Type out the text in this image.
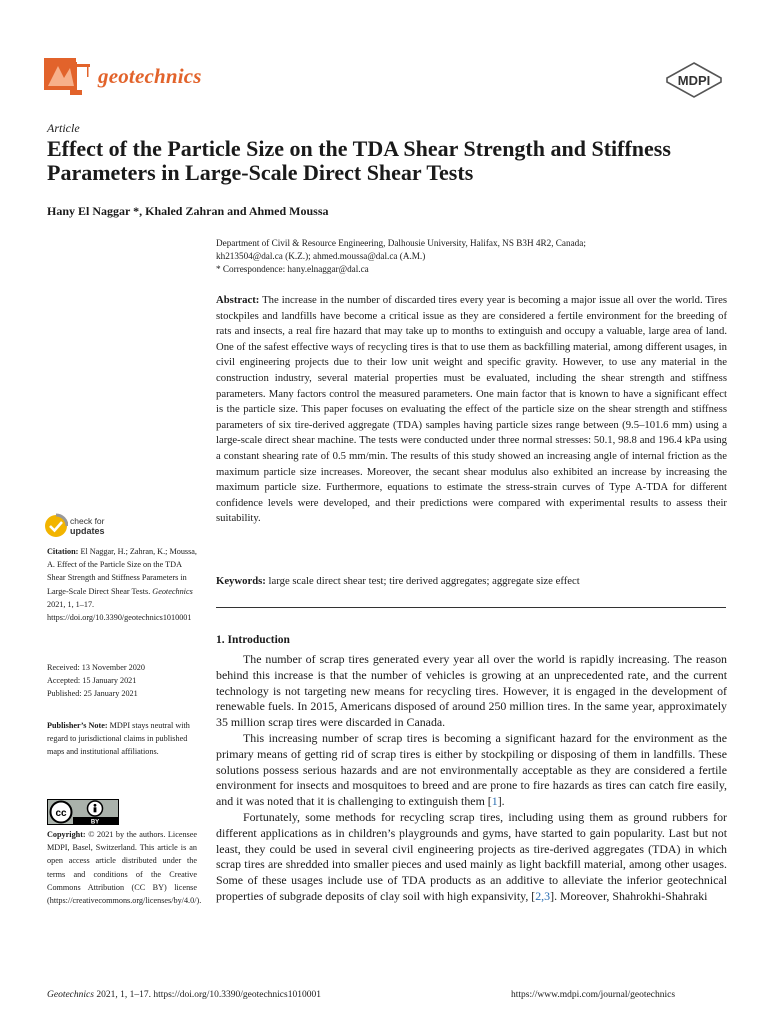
geotechnics	MDPI
Article
Effect of the Particle Size on the TDA Shear Strength and Stiffness Parameters in Large-Scale Direct Shear Tests
Hany El Naggar *, Khaled Zahran and Ahmed Moussa
Department of Civil & Resource Engineering, Dalhousie University, Halifax, NS B3H 4R2, Canada;
kh213504@dal.ca (K.Z.); ahmed.moussa@dal.ca (A.M.)
* Correspondence: hany.elnaggar@dal.ca
Abstract: The increase in the number of discarded tires every year is becoming a major issue all over the world. Tires stockpiles and landfills have become a critical issue as they are considered a fertile environment for the breeding of rats and insects, a real fire hazard that may take up to months to extinguish and occupy a valuable, large area of land. One of the safest effective ways of recycling tires is that to use them as backfilling material, among different usages, in civil engineering projects due to their low unit weight and specific gravity. However, to use any material in the construction industry, several material properties must be evaluated, including the shear strength and stiffness parameters. Many factors control the measured parameters. One main factor that is known to have a significant effect is the particle size. This paper focuses on evaluating the effect of the particle size on the shear strength and stiffness parameters of six tire-derived aggregate (TDA) samples having particle sizes range between (9.5–101.6 mm) using a large-scale direct shear machine. The tests were conducted under three normal stresses: 50.1, 98.8 and 196.4 kPa using a constant shearing rate of 0.5 mm/min. The results of this study showed an increasing angle of internal friction as the maximum particle size increases. Moreover, the secant shear modulus also exhibited an increase by increasing the maximum particle size. Furthermore, equations to estimate the stress-strain curves of Type A-TDA for different confidence levels were developed, and their predictions were compared with experimental results to assess their suitability.
Keywords: large scale direct shear test; tire derived aggregates; aggregate size effect
check for
updates
Citation: El Naggar, H.; Zahran, K.; Moussa, A. Effect of the Particle Size on the TDA Shear Strength and Stiffness Parameters in Large-Scale Direct Shear Tests. Geotechnics 2021, 1, 1–17. https://doi.org/10.3390/geotechnics1010001
Received: 13 November 2020
Accepted: 15 January 2021
Published: 25 January 2021
Publisher’s Note: MDPI stays neutral with regard to jurisdictional claims in published maps and institutional affiliations.
cc
BY
Copyright: © 2021 by the authors. Licensee MDPI, Basel, Switzerland. This article is an open access article distributed under the terms and conditions of the Creative Commons Attribution (CC BY) license (https://creativecommons.org/licenses/by/4.0/).
1. Introduction

The number of scrap tires generated every year all over the world is rapidly increasing. The reason behind this increase is that the number of vehicles is growing at an unprecedented rate, and the current technology is not targeting new means for recycling tires. However, it is engaged in the development of renewable fuels. In 2015, Americans disposed of around 250 million tires. In the same year, approximately 35 million scrap tires were discarded in Canada.

This increasing number of scrap tires is becoming a significant hazard for the environment as the primary means of getting rid of scrap tires is either by stockpiling or disposing of them in landfills. These solutions possess serious hazards and are not environmentally acceptable as they are considered a fertile environment for insects and mosquitoes to breed and are prone to fire hazards as tires can catch fire easily, and it was noted that it is challenging to extinguish them [1].

Fortunately, some methods for recycling scrap tires, including using them as ground rubbers for different applications as in children’s playgrounds and gyms, have started to gain popularity. Last but not least, they could be used in several civil engineering projects as tire-derived aggregates (TDA) in which scrap tires are shredded into smaller pieces and used mainly as light backfill material, among other usages. Some of these usages include use of TDA products as an additive to alleviate the inferior geotechnical properties of subgrade deposits of clay soil with high expansivity, [2,3]. Moreover, Shahrokhi-Shahraki

Geotechnics 2021, 1, 1–17. https://doi.org/10.3390/geotechnics1010001	https://www.mdpi.com/journal/geotechnics
